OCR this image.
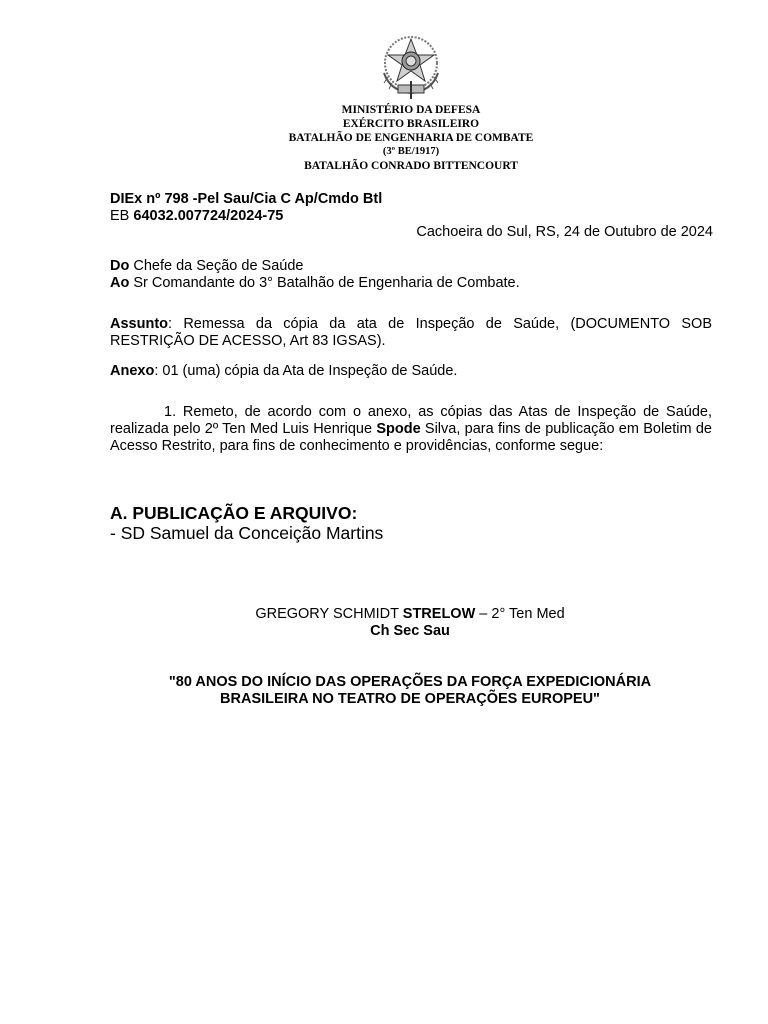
MINISTÉRIO DA DEFESA
EXÉRCITO BRASILEIRO
BATALHÃO DE ENGENHARIA DE COMBATE
(3º BE/1917)
BATALHÃO CONRADO BITTENCOURT
DIEx nº 798 -Pel Sau/Cia C Ap/Cmdo Btl
EB 64032.007724/2024-75
Cachoeira do Sul, RS, 24 de Outubro de 2024
Do Chefe da Seção de Saúde
Ao Sr Comandante do 3° Batalhão de Engenharia de Combate.
Assunto: Remessa da cópia da ata de Inspeção de Saúde, (DOCUMENTO SOB RESTRIÇÃO DE ACESSO, Art 83 IGSAS).
Anexo: 01 (uma) cópia da Ata de Inspeção de Saúde.
1. Remeto, de acordo com o anexo, as cópias das Atas de Inspeção de Saúde, realizada pelo 2º Ten Med Luis Henrique Spode Silva, para fins de publicação em Boletim de Acesso Restrito, para fins de conhecimento e providências, conforme segue:
A. PUBLICAÇÃO E ARQUIVO:
- SD Samuel da Conceição Martins
GREGORY SCHMIDT STRELOW – 2° Ten Med
Ch Sec Sau
"80 ANOS DO INÍCIO DAS OPERAÇÕES DA FORÇA EXPEDICIONÁRIA
BRASILEIRA NO TEATRO DE OPERAÇÕES EUROPEU"
